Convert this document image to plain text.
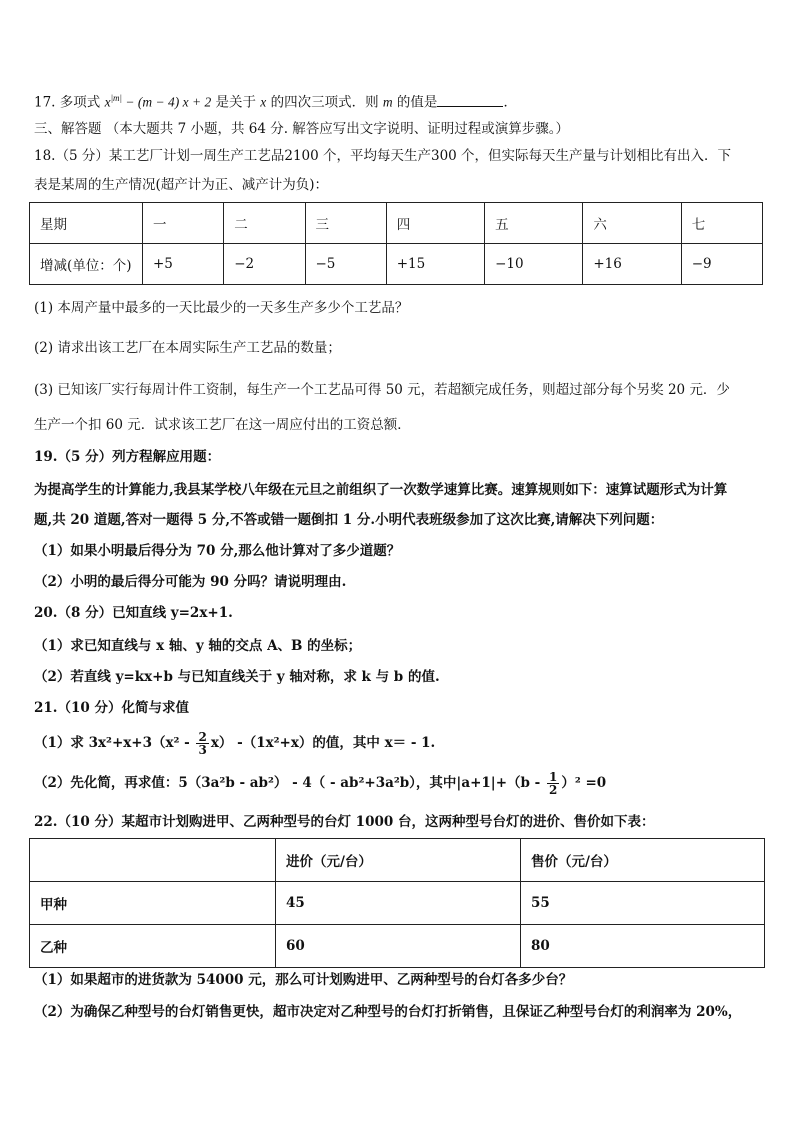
17. 多项式 $x^{|m|} - (m - 4) x + 2$ 是关于 x 的四次三项式．则 m 的值是	．
三、解答题 （本大题共 7 小题，共 64 分. 解答应写出文字说明、证明过程或演算步骤。）
18.（5 分）某工艺厂计划一周生产工艺品2100 个，平均每天生产300 个，但实际每天生产量与计划相比有出入．下
表是某周的生产情况(超产计为正、减产计为负)：
星期	一	二	三	四	五	六	七
增减(单位：个)	+5	−2	−5	+15	−10	+16	−9
(1) 本周产量中最多的一天比最少的一天多生产多少个工艺品？
(2) 请求出该工艺厂在本周实际生产工艺品的数量；
(3) 已知该厂实行每周计件工资制，每生产一个工艺品可得 50 元，若超额完成任务，则超过部分每个另奖 20 元．少
生产一个扣 60 元．试求该工艺厂在这一周应付出的工资总额．
19.（5 分）列方程解应用题：
为提高学生的计算能力,我县某学校八年级在元旦之前组织了一次数学速算比赛。速算规则如下：速算试题形式为计算
题,共 20 道题,答对一题得 5 分,不答或错一题倒扣 1 分.小明代表班级参加了这次比赛,请解决下列问题：
（1）如果小明最后得分为 70 分,那么他计算对了多少道题？
（2）小明的最后得分可能为 90 分吗？请说明理由.
20.（8 分）已知直线 y=2x+1.
（1）求已知直线与 x 轴、y 轴的交点 A、B 的坐标；
（2）若直线 y=kx+b 与已知直线关于 y 轴对称，求 k 与 b 的值.
21.（10 分）化简与求值
（1）求 $3x^2+x+3(x^2 - \frac{2}{3} x)$ -（1x²+x）的值，其中 x＝ - 1.
（2）先化简，再求值：5（3a²b - ab²） - 4（ - ab²+3a²b），其中$|a+1|+(b - \frac{1}{2} )^2 =0$
22.（10 分）某超市计划购进甲、乙两种型号的台灯 1000 台，这两种型号台灯的进价、售价如下表：
	进价（元/台）	售价（元/台）
甲种	45	55
乙种	60	80
（1）如果超市的进货款为 54000 元，那么可计划购进甲、乙两种型号的台灯各多少台？
（2）为确保乙种型号的台灯销售更快，超市决定对乙种型号的台灯打折销售，且保证乙种型号台灯的利润率为 20%，
